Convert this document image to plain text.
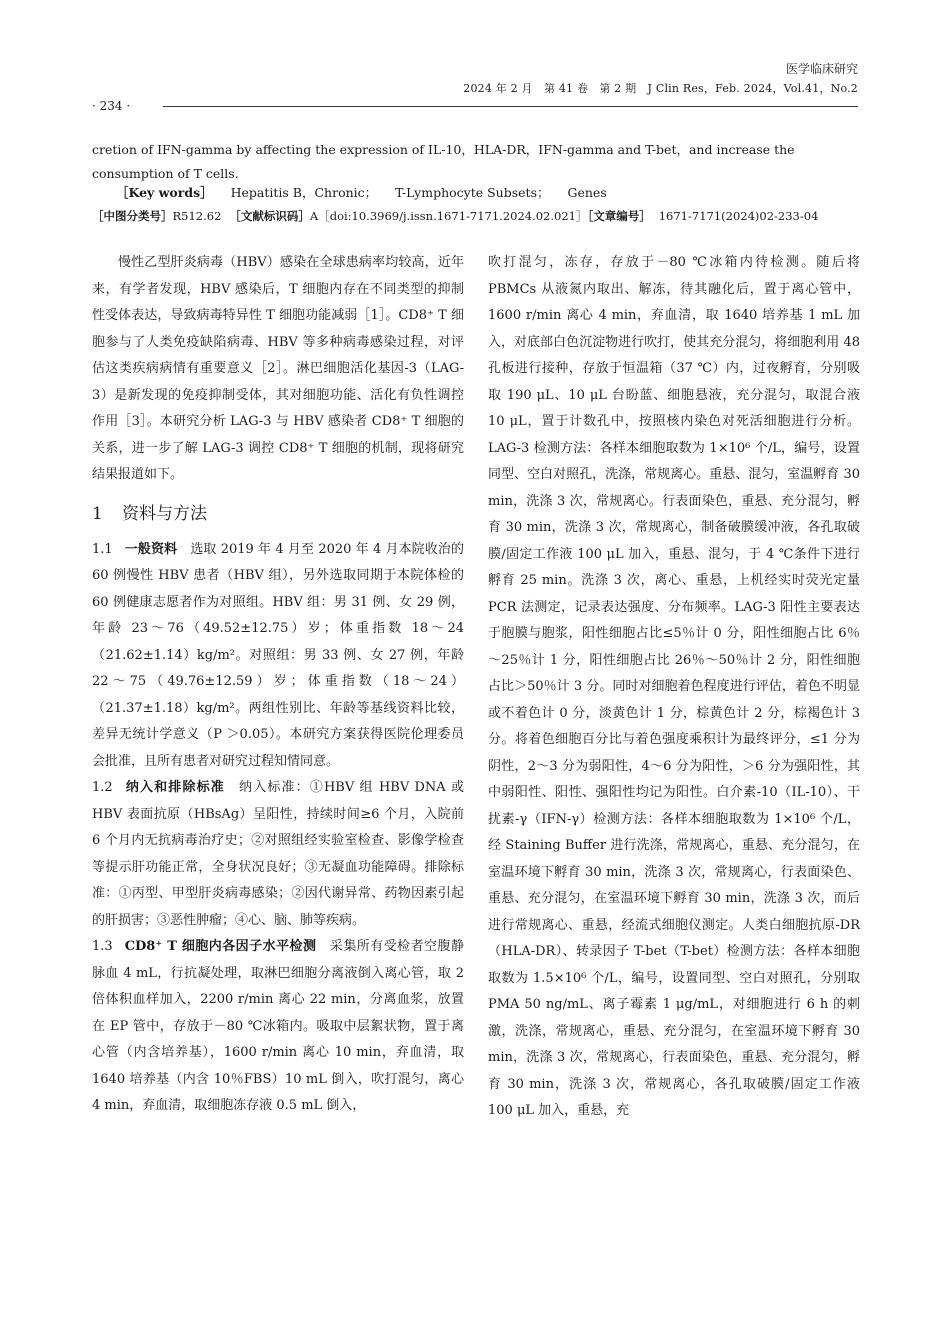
医学临床研究
2024 年 2 月　第 41 卷　第 2 期　J Clin Res，Feb. 2024，Vol.41，No.2
· 234 ·
cretion of IFN-gamma by affecting the expression of IL-10，HLA-DR，IFN-gamma and T-bet，and increase the consumption of T cells.
［Key words］ Hepatitis B，Chronic； T-Lymphocyte Subsets； Genes
［中图分类号］R512.62 ［文献标识码］A［doi:10.3969/j.issn.1671-7171.2024.02.021］［文章编号］ 1671-7171(2024)02-233-04

慢性乙型肝炎病毒（HBV）感染在全球患病率均较高，近年来，有学者发现，HBV 感染后，T 细胞内存在不同类型的抑制性受体表达，导致病毒特异性 T 细胞功能减弱［1］。CD8⁺ T 细胞参与了人类免疫缺陷病毒、HBV 等多种病毒感染过程，对评估这类疾病病情有重要意义［2］。淋巴细胞活化基因-3（LAG-3）是新发现的免疫抑制受体，其对细胞功能、活化有负性调控作用［3］。本研究分析 LAG-3 与 HBV 感染者 CD8⁺ T 细胞的关系，进一步了解 LAG-3 调控 CD8⁺ T 细胞的机制，现将研究结果报道如下。

1 资料与方法

1.1 一般资料　 选取 2019 年 4 月至 2020 年 4 月本院收治的 60 例慢性 HBV 患者（HBV 组），另外选取同期于本院体检的 60 例健康志愿者作为对照组。HBV 组：男 31 例、女 29 例，年龄 23～76（49.52±12.75）岁；体重指数 18～24（21.62±1.14）kg/m²。对照组：男 33 例、女 27 例，年龄 22～75（49.76±12.59）岁；体重指数（18～24）（21.37±1.18）kg/m²。两组性别比、年龄等基线资料比较，差异无统计学意义（P ＞0.05）。本研究方案获得医院伦理委员会批准，且所有患者对研究过程知情同意。

1.2 纳入和排除标准　 纳入标准：①HBV 组 HBV DNA 或 HBV 表面抗原（HBsAg）呈阳性，持续时间≥6 个月，入院前 6 个月内无抗病毒治疗史；②对照组经实验室检查、影像学检查等提示肝功能正常，全身状况良好；③无凝血功能障碍。排除标准：①丙型、甲型肝炎病毒感染；②因代谢异常、药物因素引起的肝损害；③恶性肿瘤；④心、脑、肺等疾病。

1.3 CD8⁺ T 细胞内各因子水平检测　 采集所有受检者空腹静脉血 4 mL，行抗凝处理，取淋巴细胞分离液倒入离心管，取 2 倍体积血样加入，2200 r/min 离心 22 min，分离血浆，放置在 EP 管中，存放于－80 ℃冰箱内。吸取中层絮状物，置于离心管（内含培养基），1600 r/min 离心 10 min，弃血清，取 1640 培养基（内含 10％FBS）10 mL 倒入，吹打混匀，离心 4 min，弃血清，取细胞冻存液 0.5 mL 倒入，

吹打混匀，冻存，存放于－80 ℃冰箱内待检测。随后将 PBMCs 从液氮内取出、解冻，待其融化后，置于离心管中，1600 r/min 离心 4 min，弃血清，取 1640 培养基 1 mL 加入，对底部白色沉淀物进行吹打，使其充分混匀，将细胞利用 48 孔板进行接种，存放于恒温箱（37 ℃）内，过夜孵育，分别吸取 190 μL、10 μL 台盼蓝、细胞悬液，充分混匀，取混合液 10 μL，置于计数孔中，按照核内染色对死活细胞进行分析。LAG-3 检测方法：各样本细胞取数为 1×10⁶ 个/L，编号，设置同型、空白对照孔，洗涤，常规离心。重悬、混匀，室温孵育 30 min，洗涤 3 次，常规离心。行表面染色，重悬、充分混匀，孵育 30 min，洗涤 3 次，常规离心，制备破膜缓冲液，各孔取破膜/固定工作液 100 μL 加入，重悬、混匀，于 4 ℃条件下进行孵育 25 min。洗涤 3 次，离心、重悬，上机经实时荧光定量 PCR 法测定，记录表达强度、分布频率。LAG-3 阳性主要表达于胞膜与胞浆，阳性细胞占比≤5％计 0 分，阳性细胞占比 6％～25％计 1 分，阳性细胞占比 26％～50％计 2 分，阳性细胞占比＞50％计 3 分。同时对细胞着色程度进行评估，着色不明显或不着色计 0 分，淡黄色计 1 分，棕黄色计 2 分，棕褐色计 3 分。将着色细胞百分比与着色强度乘积计为最终评分，≤1 分为阴性，2～3 分为弱阳性，4～6 分为阳性，＞6 分为强阳性，其中弱阳性、阳性、强阳性均记为阳性。白介素-10（IL-10）、干扰素-γ（IFN-γ）检测方法：各样本细胞取数为 1×10⁶ 个/L，经 Staining Buffer 进行洗涤，常规离心，重悬、充分混匀，在室温环境下孵育 30 min，洗涤 3 次，常规离心，行表面染色、重悬、充分混匀，在室温环境下孵育 30 min，洗涤 3 次，而后进行常规离心、重悬，经流式细胞仪测定。人类白细胞抗原-DR（HLA-DR）、转录因子 T-bet（T-bet）检测方法：各样本细胞取数为 1.5×10⁶ 个/L，编号，设置同型、空白对照孔，分别取 PMA 50 ng/mL、离子霉素 1 μg/mL，对细胞进行 6 h 的刺激，洗涤，常规离心，重悬、充分混匀，在室温环境下孵育 30 min，洗涤 3 次，常规离心，行表面染色，重悬、充分混匀，孵育 30 min，洗涤 3 次，常规离心，各孔取破膜/固定工作液 100 μL 加入，重悬，充
